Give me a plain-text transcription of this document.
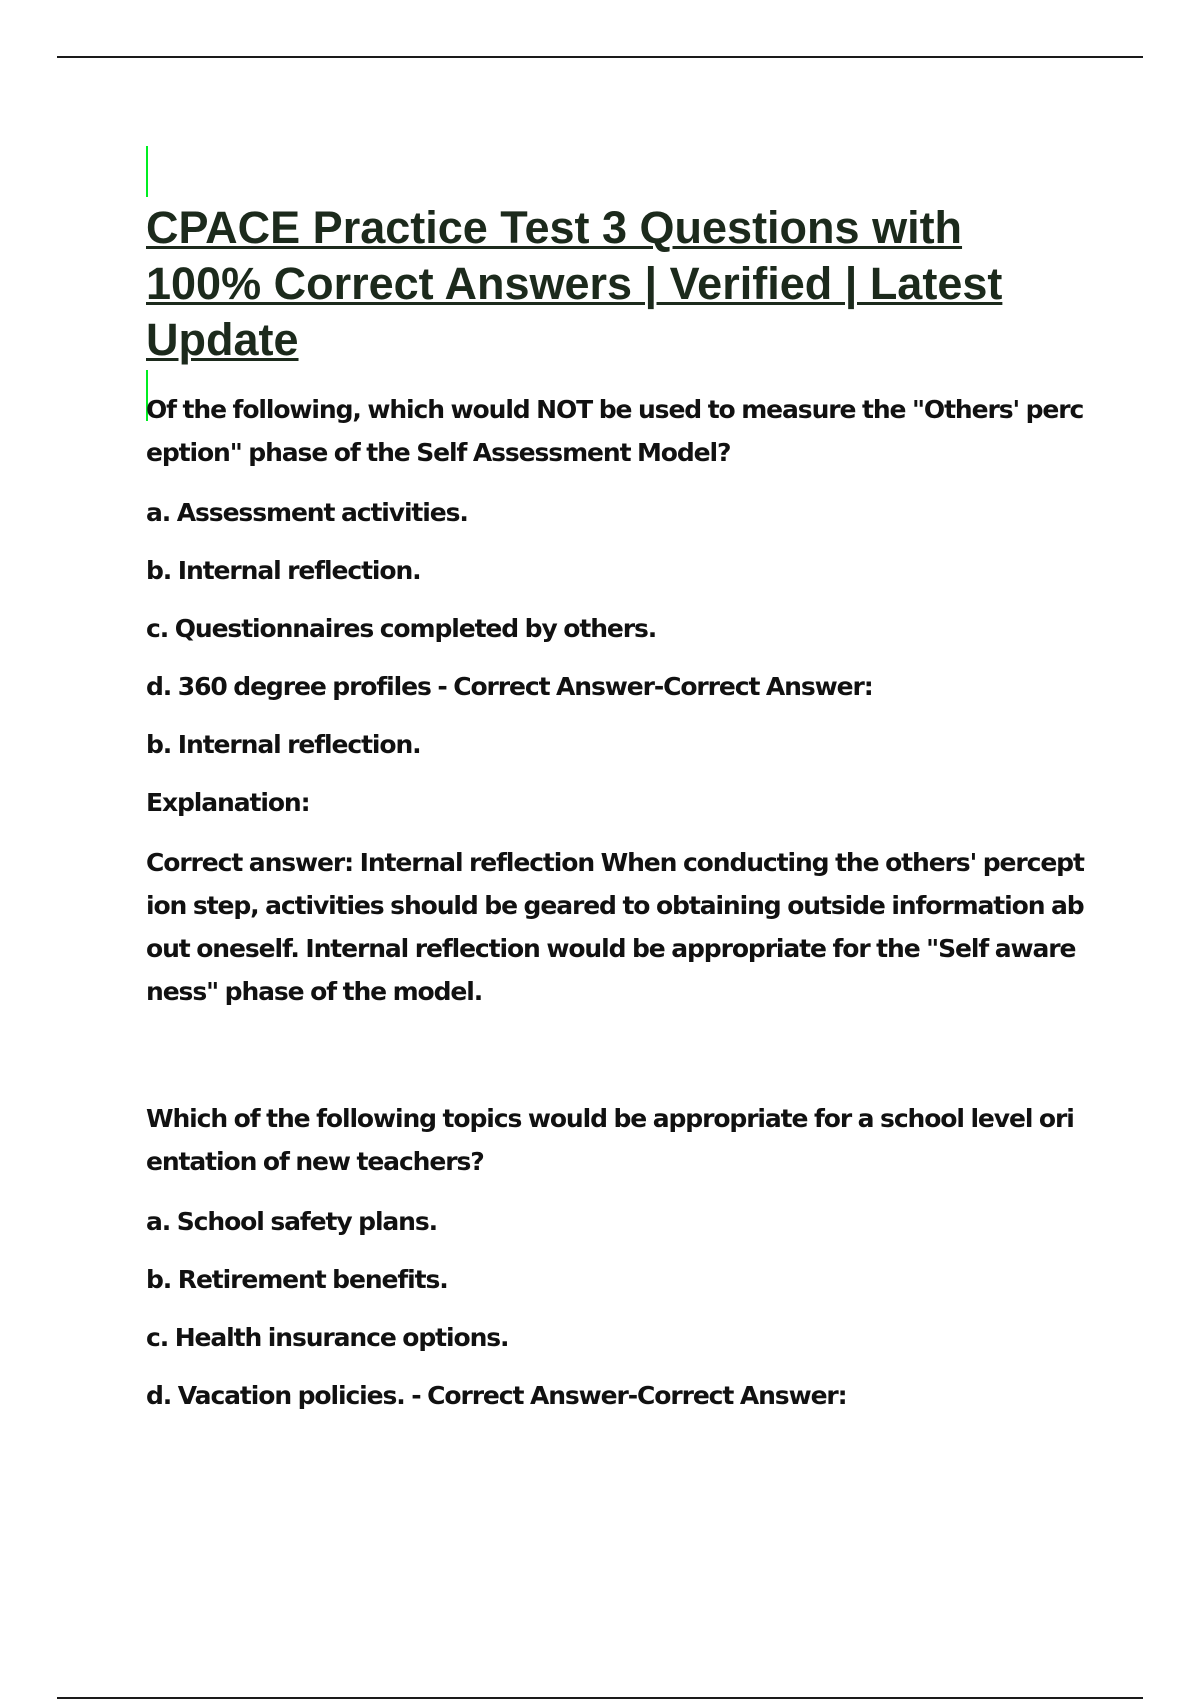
CPACE Practice Test 3 Questions with
100% Correct Answers | Verified | Latest
Update

Of the following, which would NOT be used to measure the "Others' perc
eption" phase of the Self Assessment Model?

a. Assessment activities.

b. Internal reflection.

c. Questionnaires completed by others.

d. 360 degree profiles - Correct Answer-Correct Answer:

b. Internal reflection.

Explanation:

Correct answer: Internal reflection When conducting the others' percept
ion step, activities should be geared to obtaining outside information ab
out oneself. Internal reflection would be appropriate for the "Self aware
ness" phase of the model.

Which of the following topics would be appropriate for a school level ori
entation of new teachers?

a. School safety plans.

b. Retirement benefits.

c. Health insurance options.

d. Vacation policies. - Correct Answer-Correct Answer:
